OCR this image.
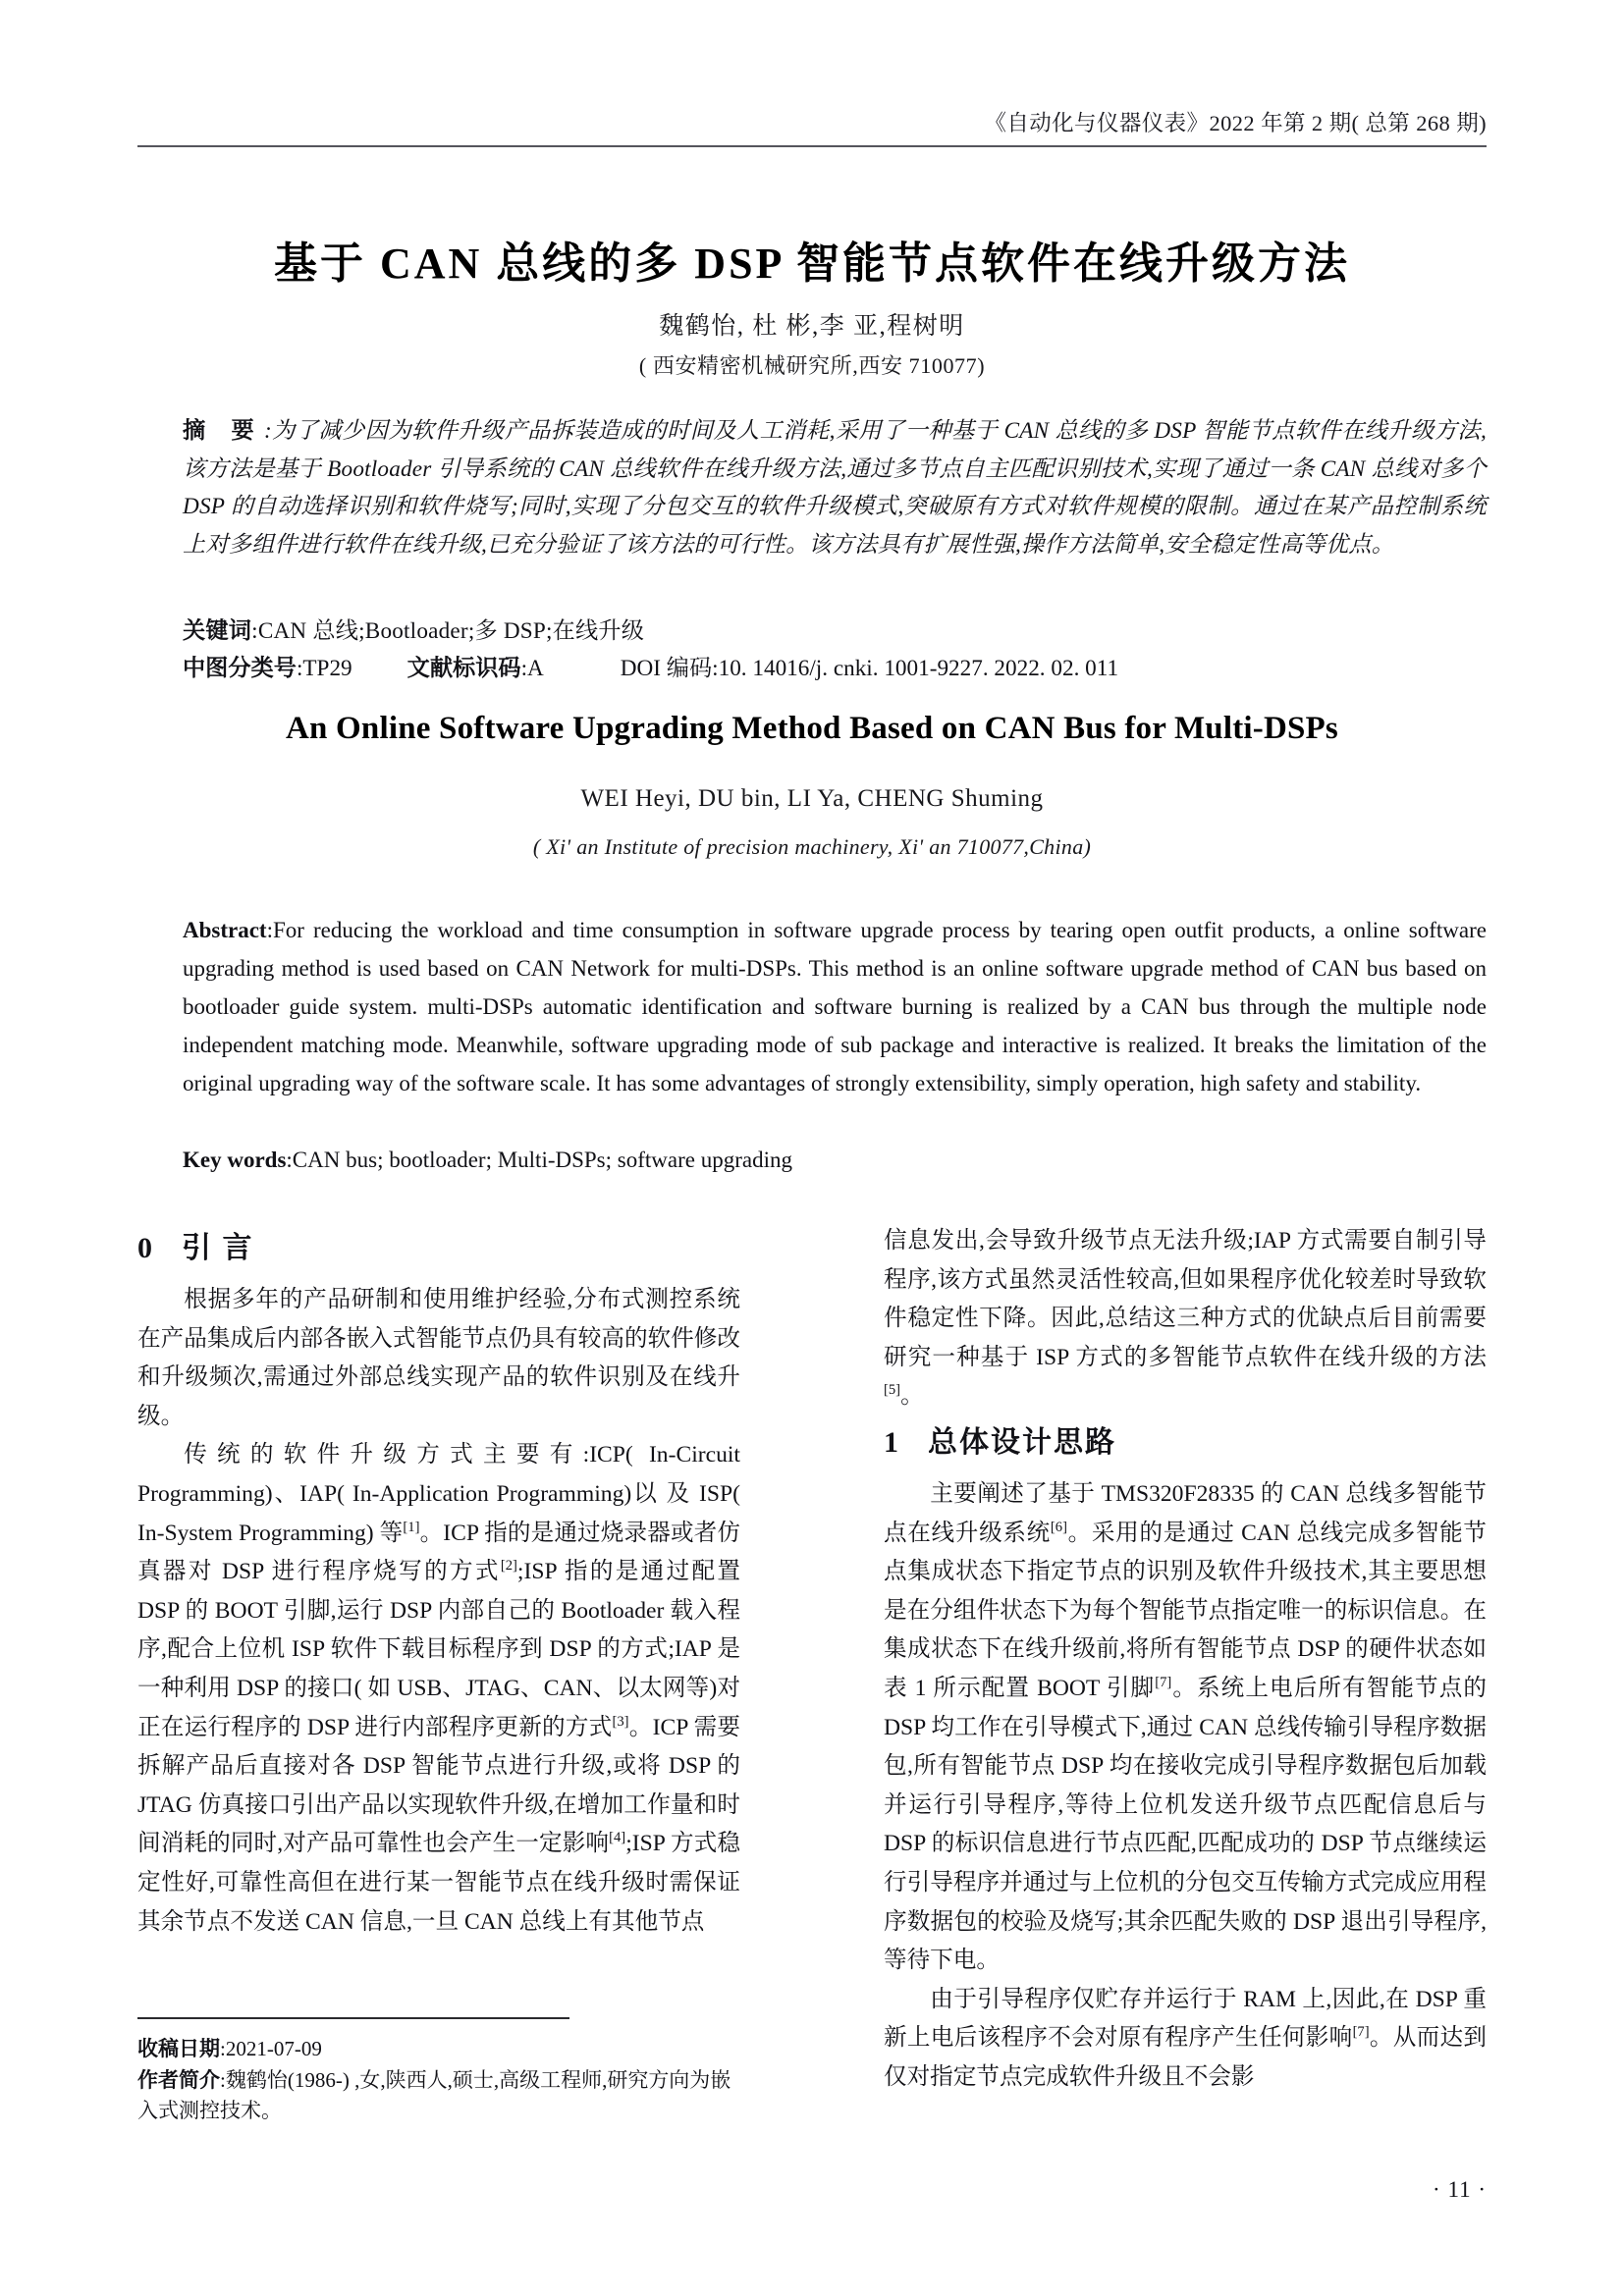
《自动化与仪器仪表》2022 年第 2 期( 总第 268 期)
基于 CAN 总线的多 DSP 智能节点软件在线升级方法
魏鹤怡, 杜 彬,李 亚,程树明
( 西安精密机械研究所,西安 710077)
摘 要:为了减少因为软件升级产品拆装造成的时间及人工消耗,采用了一种基于 CAN 总线的多 DSP 智能节点软件在线升级方法,该方法是基于 Bootloader 引导系统的 CAN 总线软件在线升级方法,通过多节点自主匹配识别技术,实现了通过一条 CAN 总线对多个 DSP 的自动选择识别和软件烧写;同时,实现了分包交互的软件升级模式,突破原有方式对软件规模的限制。通过在某产品控制系统上对多组件进行软件在线升级,已充分验证了该方法的可行性。该方法具有扩展性强,操作方法简单,安全稳定性高等优点。
关键词:CAN 总线;Bootloader;多 DSP;在线升级
中图分类号:TP29 文献标识码:A	DOI 编码:10. 14016/j. cnki. 1001-9227. 2022. 02. 011
An Online Software Upgrading Method Based on CAN Bus for Multi-DSPs
WEI Heyi, DU bin, LI Ya, CHENG Shuming
( Xi' an Institute of precision machinery, Xi' an 710077,China)
Abstract:For reducing the workload and time consumption in software upgrade process by tearing open outfit products, a online software upgrading method is used based on CAN Network for multi-DSPs. This method is an online software upgrade method of CAN bus based on bootloader guide system. multi-DSPs automatic identification and software burning is realized by a CAN bus through the multiple node independent matching mode. Meanwhile, software upgrading mode of sub package and interactive is realized. It breaks the limitation of the original upgrading way of the software scale. It has some advantages of strongly extensibility, simply operation, high safety and stability.
Key words:CAN bus; bootloader; Multi-DSPs; software upgrading
0 引 言

根据多年的产品研制和使用维护经验,分布式测控系统在产品集成后内部各嵌入式智能节点仍具有较高的软件修改和升级频次,需通过外部总线实现产品的软件识别及在线升级。

传统的软件升级方式主要有:ICP( In-Circuit Programming)、IAP( In-Application Programming)以 及 ISP( In-System Programming) 等[1]。ICP 指的是通过烧录器或者仿真器对 DSP 进行程序烧写的方式[2];ISP 指的是通过配置 DSP 的 BOOT 引脚,运行 DSP 内部自己的 Bootloader 载入程序,配合上位机 ISP 软件下载目标程序到 DSP 的方式;IAP 是 一种利用 DSP 的接口( 如 USB、JTAG、CAN、以太网等)对正在运行程序的 DSP 进行内部程序更新的方式[3]。ICP 需要拆解产品后直接对各 DSP 智能节点进行升级,或将 DSP 的 JTAG 仿真接口引出产品以实现软件升级,在增加工作量和时间消耗的同时,对产品可靠性也会产生一定影响[4];ISP 方式稳定性好,可靠性高但在进行某一智能节点在线升级时需保证其余节点不发送 CAN 信息,一旦 CAN 总线上有其他节点

信息发出,会导致升级节点无法升级;IAP 方式需要自制引导程序,该方式虽然灵活性较高,但如果程序优化较差时导致软件稳定性下降。因此,总结这三种方式的优缺点后目前需要研究一种基于 ISP 方式的多智能节点软件在线升级的方法[5]。

1 总体设计思路

主要阐述了基于 TMS320F28335 的 CAN 总线多智能节点在线升级系统[6]。采用的是通过 CAN 总线完成多智能节点集成状态下指定节点的识别及软件升级技术,其主要思想是在分组件状态下为每个智能节点指定唯一的标识信息。在集成状态下在线升级前,将所有智能节点 DSP 的硬件状态如表 1 所示配置 BOOT 引脚[7]。系统上电后所有智能节点的 DSP 均工作在引导模式下,通过 CAN 总线传输引导程序数据包,所有智能节点 DSP 均在接收完成引导程序数据包后加载并运行引导程序,等待上位机发送升级节点匹配信息后与 DSP 的标识信息进行节点匹配,匹配成功的 DSP 节点继续运行引导程序并通过与上位机的分包交互传输方式完成应用程序数据包的校验及烧写;其余匹配失败的 DSP 退出引导程序,等待下电。

由于引导程序仅贮存并运行于 RAM 上,因此,在 DSP 重新上电后该程序不会对原有程序产生任何影响[7]。从而达到仅对指定节点完成软件升级且不会影

收稿日期:2021-07-09
作者简介:魏鹤怡(1986-) ,女,陕西人,硕士,高级工程师,研究方向为嵌入式测控技术。
· 11 ·
